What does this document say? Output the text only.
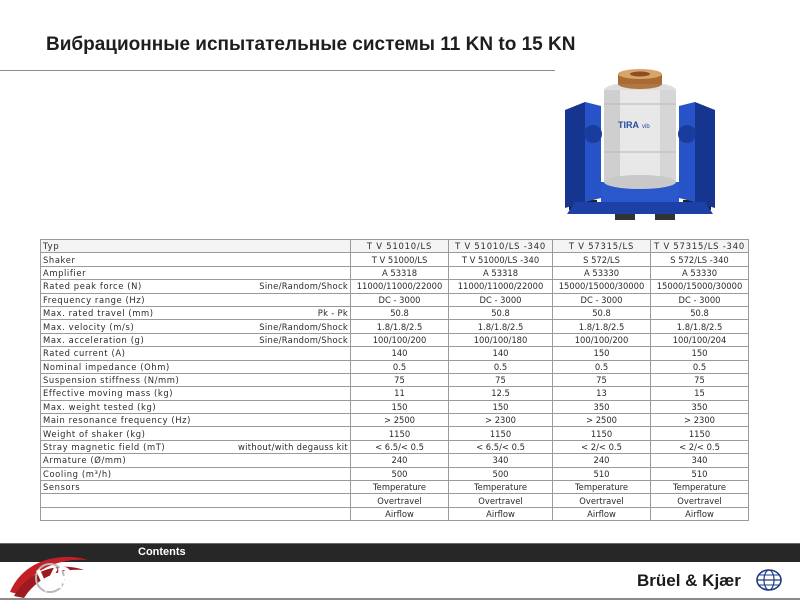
Вибрационные испытательные системы 11 KN to 15 KN
TIRA vib
Typ		T V 51010/LS	T V 51010/LS -340	T V 57315/LS	T V 57315/LS -340
Shaker		T V 51000/LS	T V 51000/LS -340	S 572/LS	S 572/LS -340
Amplifier		A 53318	A 53318	A 53330	A 53330
Rated peak force (N)	Sine/Random/Shock	11000/11000/22000	11000/11000/22000	15000/15000/30000	15000/15000/30000
Frequency range (Hz)		DC - 3000	DC - 3000	DC - 3000	DC - 3000
Max. rated travel (mm)	Pk - Pk	50.8	50.8	50.8	50.8
Max. velocity (m/s)	Sine/Random/Shock	1.8/1.8/2.5	1.8/1.8/2.5	1.8/1.8/2.5	1.8/1.8/2.5
Max. acceleration (g)	Sine/Random/Shock	100/100/200	100/100/180	100/100/200	100/100/204
Rated current (A)		140	140	150	150
Nominal impedance (Ohm)		0.5	0.5	0.5	0.5
Suspension stiffness (N/mm)		75	75	75	75
Effective moving mass (kg)		11	12.5	13	15
Max. weight tested (kg)		150	150	350	350
Main resonance frequency (Hz)		> 2500	> 2300	> 2500	> 2300
Weight of shaker (kg)		1150	1150	1150	1150
Stray magnetic field (mT)	without/with degauss kit	< 6.5/< 0.5	< 6.5/< 0.5	< 2/< 0.5	< 2/< 0.5
Armature (Ø/mm)		240	340	240	340
Cooling (m³/h)		500	500	510	510
Sensors		Temperature	Temperature	Temperature	Temperature
		Overtravel	Overtravel	Overtravel	Overtravel
		Airflow	Airflow	Airflow	Airflow
Contents
Brüel & Kjær
